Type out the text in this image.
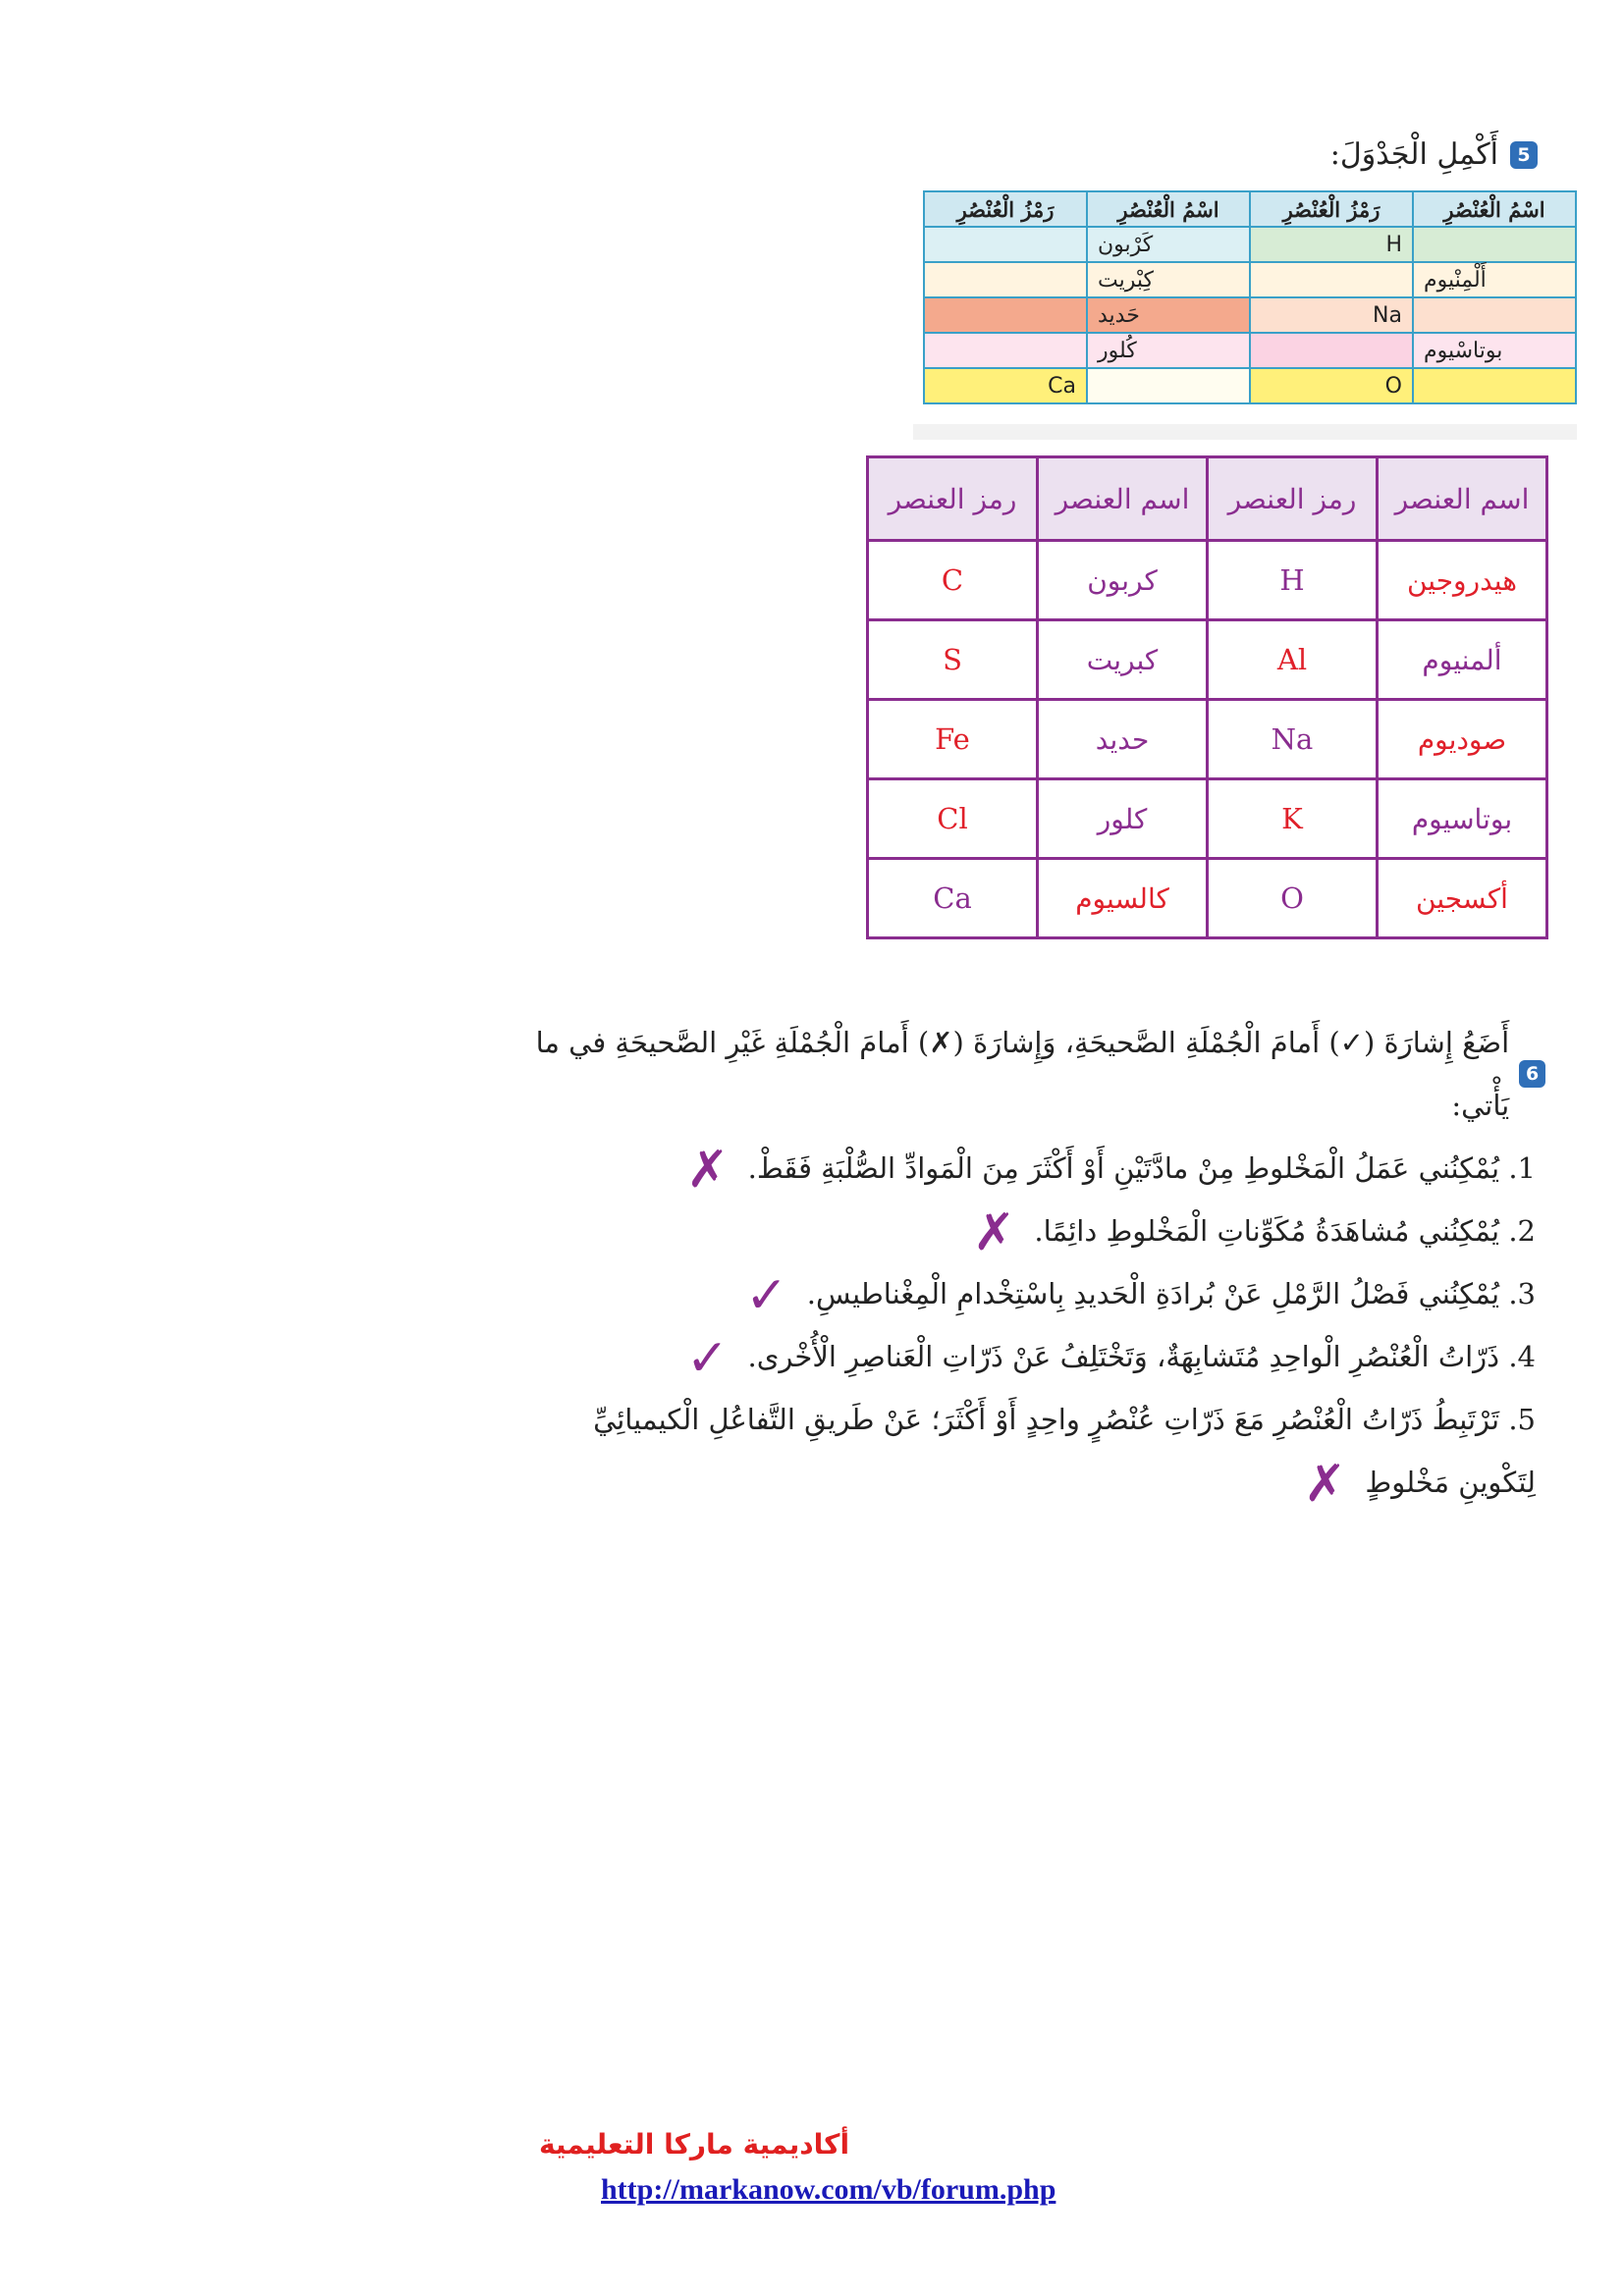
5
أَكْمِلِ الْجَدْوَلَ:
اسْمُ الْعُنْصُرِ	رَمْزُ الْعُنْصُرِ	اسْمُ الْعُنْصُرِ	رَمْزُ الْعُنْصُرِ
	H	كَرْبون	
أَلْمِنْيوم		كِبْريت	
	Na	حَديد	
بوتاسْيوم		كُلور	
	O		Ca
اسم العنصر	رمز العنصر	اسم العنصر	رمز العنصر
هيدروجين	H	كربون	C
ألمنيوم	Al	كبريت	S
صوديوم	Na	حديد	Fe
بوتاسيوم	K	كلور	Cl
أكسجين	O	كالسيوم	Ca
6
أَضَعُ إِشارَةَ (✓) أَمامَ الْجُمْلَةِ الصَّحيحَةِ، وَإِشارَةَ (✗) أَمامَ الْجُمْلَةِ غَيْرِ الصَّحيحَةِ في ما يَأْتي:
1. يُمْكِنُني عَمَلُ الْمَخْلوطِ مِنْ مادَّتَيْنِ أَوْ أَكْثَرَ مِنَ الْمَوادِّ الصُّلْبَةِ فَقَطْ. ✗
2. يُمْكِنُني مُشاهَدَةُ مُكَوِّناتِ الْمَخْلوطِ دائِمًا. ✗
3. يُمْكِنُني فَصْلُ الرَّمْلِ عَنْ بُرادَةِ الْحَديدِ بِاسْتِخْدامِ الْمِغْناطيسِ. ✓
4. ذَرّاتُ الْعُنْصُرِ الْواحِدِ مُتَشابِهَةٌ، وَتَخْتَلِفُ عَنْ ذَرّاتِ الْعَناصِرِ الْأُخْرى. ✓
5. تَرْتَبِطُ ذَرّاتُ الْعُنْصُرِ مَعَ ذَرّاتِ عُنْصُرٍ واحِدٍ أَوْ أَكْثَرَ؛ عَنْ طَريقِ التَّفاعُلِ الْكيميائِيِّ لِتَكْوينِ مَخْلوطٍ ✗
أكاديمية ماركا التعليمية
http://markanow.com/vb/forum.php
